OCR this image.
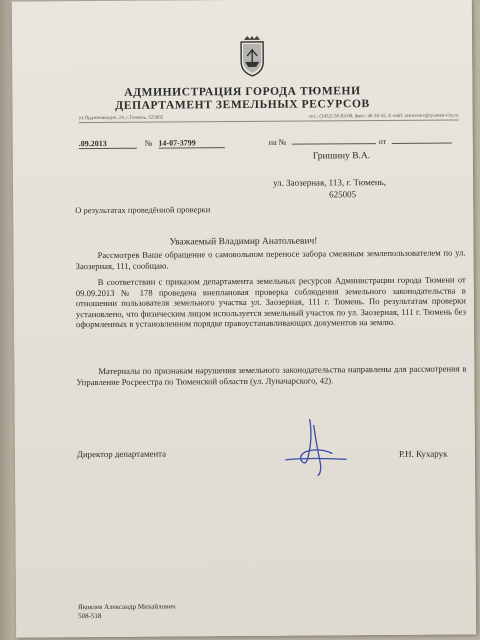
АДМИНИСТРАЦИЯ ГОРОДА ТЮМЕНИ
ДЕПАРТАМЕНТ ЗЕМЕЛЬНЫХ РЕСУРСОВ
ул.Орджоникидзе, 24, г.Тюмень, 625002	тел.: (3452) 50-83-00, факс: 46-16-42, E-mail: zemresurs@tyumen-city.ru
.09.2013	№ 14-07-3799	на №	от
Гришину В.А.
ул. Заозерная, 113, г. Тюмень,
625005
О результатах проведённой проверки
Уважаемый Владимир Анатольевич!
Рассмотрев Ваше обращение о самовольном переносе забора смежным землепользователем по ул. Заозерная, 111, сообщаю.
В соответствии с приказом департамента земельных ресурсов Администрации города Тюмени от 09.09.2013 № 178 проведена внеплановая проверка соблюдения земельного законодательства в отношении пользователя земельного участка ул. Заозерная, 111 г. Тюмень. По результатам проверки установлено, что физическим лицом используется земельный участок по ул. Заозерная, 111 г. Тюмень без оформленных в установленном порядке правоустанавливающих документов на землю.
Материалы по признакам нарушения земельного законодательства направлены для рассмотрения в Управление Росреестра по Тюменской области (ул. Луначарского, 42).
Директор департамента	Р.Н. Кухарук
Яковлев Александр Михайлович
508-518
